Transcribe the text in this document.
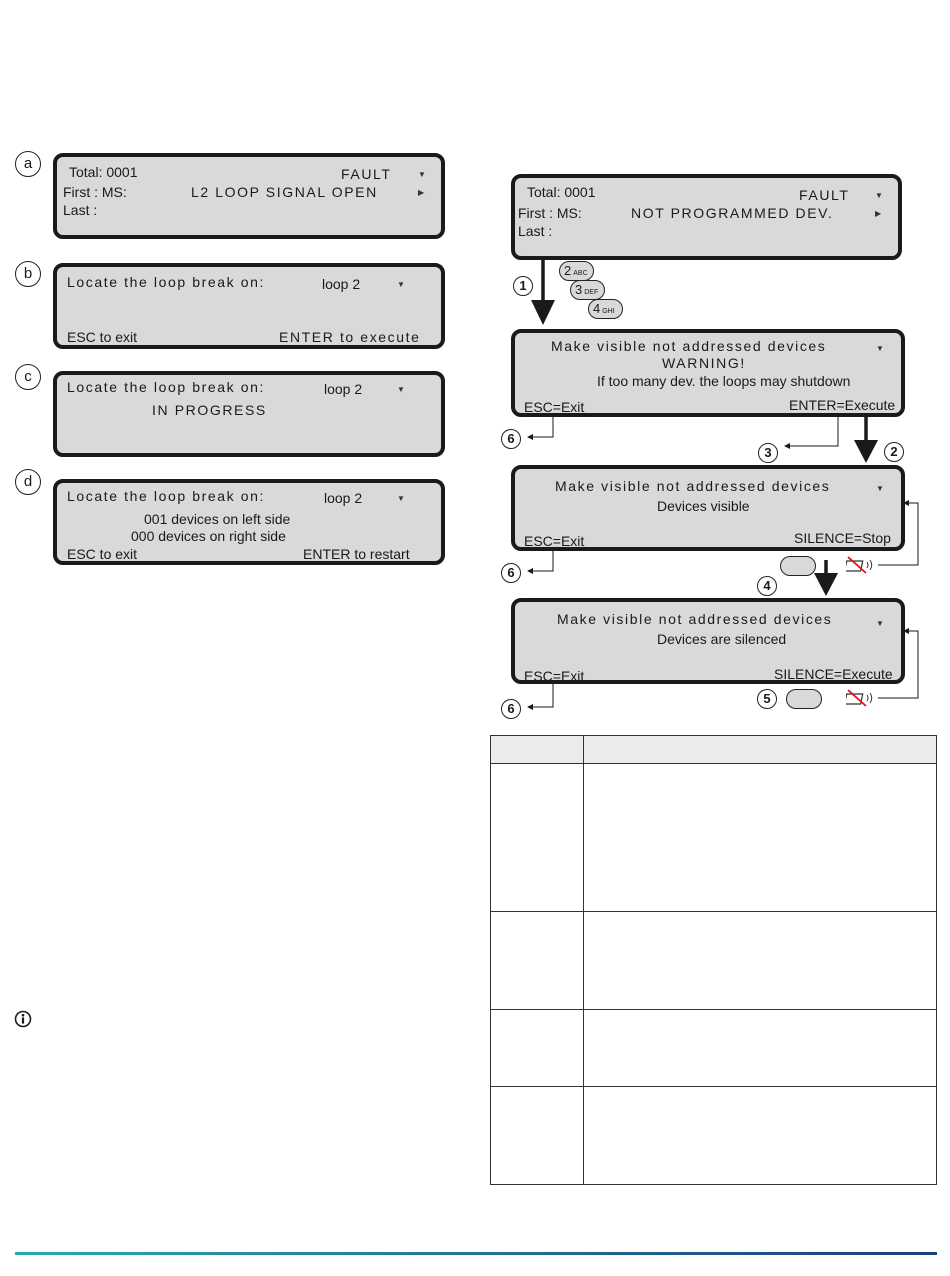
a	Total: 0001	FAULT	▼
First : MS:	L2 LOOP SIGNAL OPEN	▶
Last :
b	Locate the loop break on:	loop 2	▼
ESC to exit	ENTER to execute
c
Locate the loop break on:	loop 2	▼
IN PROGRESS
d
Locate the loop break on:	loop 2	▼
001 devices on left side
000 devices on right side
ESC to exit	ENTER to restart
Total: 0001	FAULT	▼
First : MS:	NOT PROGRAMMED DEV.	▶
Last :
2 ABC
3 DEF
4 GHI
1
Make visible not addressed devices	▼
WARNING!
If too many dev. the loops may shutdown
ESC=Exit	ENTER=Execute
6
3	2
Make visible not addressed devices	▼
Devices visible
ESC=Exit	SILENCE=Stop
6
4
Make visible not addressed devices	▼
Devices are silenced
ESC=Exit	SILENCE=Execute
5
6
